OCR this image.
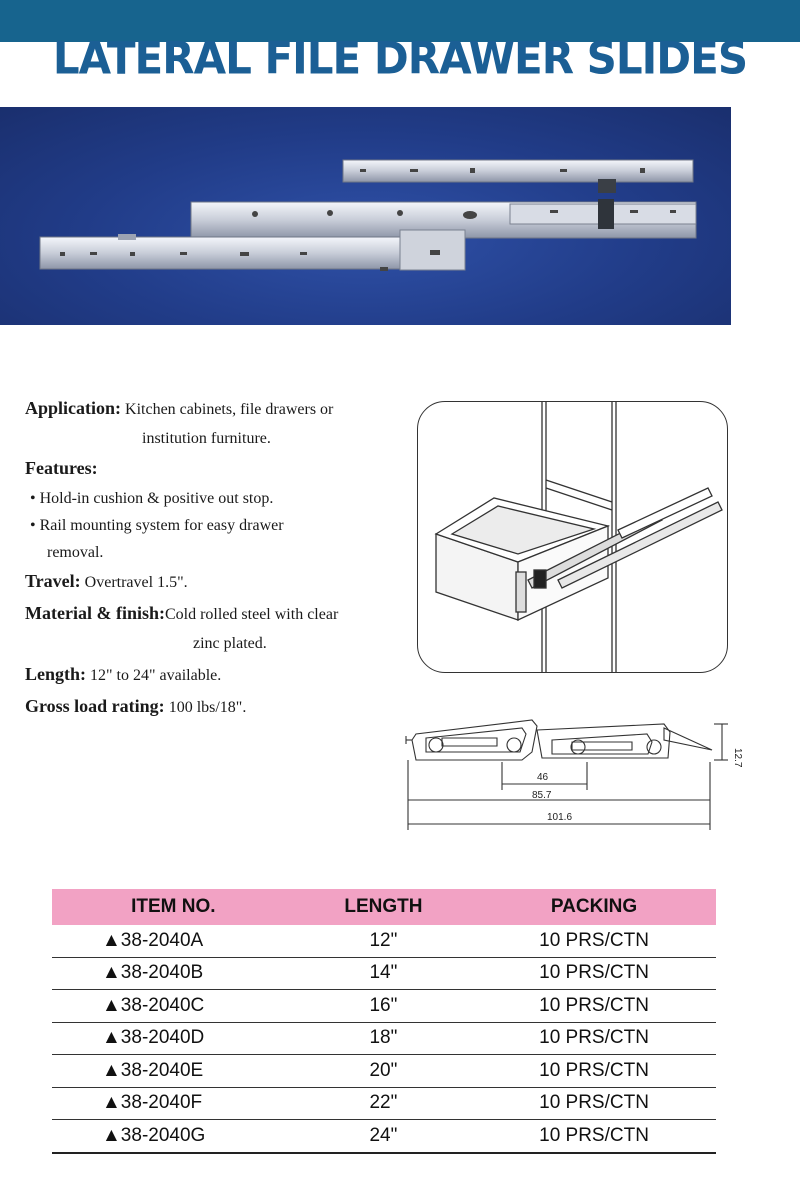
LATERAL FILE DRAWER SLIDES
Application: Kitchen cabinets, file drawers or
institution furniture.
Features:
• Hold-in cushion & positive out stop.
• Rail mounting system for easy drawer
removal.
Travel: Overtravel 1.5".
Material & finish:Cold rolled steel with clear
zinc plated.
Length: 12" to 24" available.
Gross load rating: 100 lbs/18".
46
85.7
101.6
12.7
ITEM NO.	LENGTH	PACKING
▲38-2040A	12"	10 PRS/CTN
▲38-2040B	14"	10 PRS/CTN
▲38-2040C	16"	10 PRS/CTN
▲38-2040D	18"	10 PRS/CTN
▲38-2040E	20"	10 PRS/CTN
▲38-2040F	22"	10 PRS/CTN
▲38-2040G	24"	10 PRS/CTN
